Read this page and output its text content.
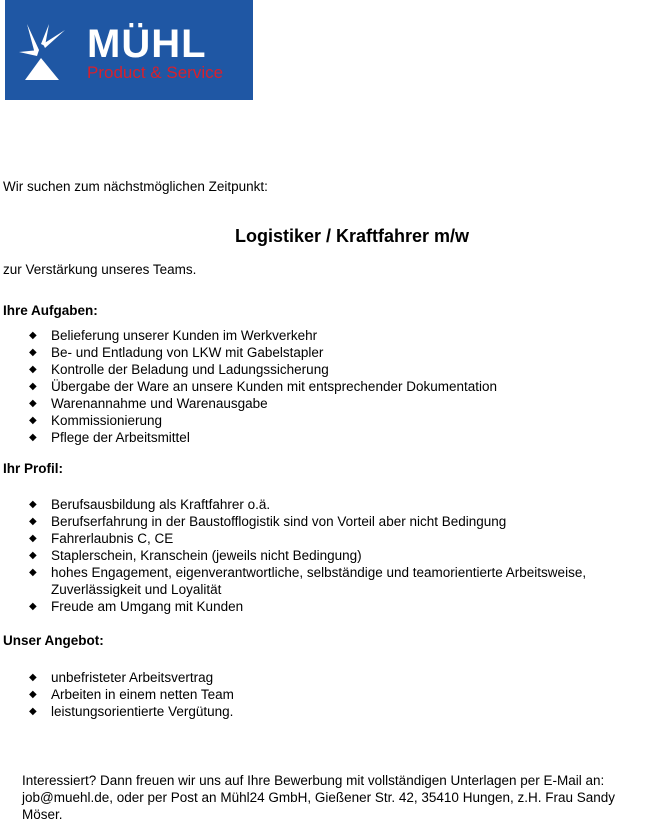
MÜHL
Product & Service
Wir suchen zum nächstmöglichen Zeitpunkt:
Logistiker / Kraftfahrer m/w
zur Verstärkung unseres Teams.
Ihre Aufgaben:
◆ Belieferung unserer Kunden im Werkverkehr
◆ Be- und Entladung von LKW mit Gabelstapler
◆ Kontrolle der Beladung und Ladungssicherung
◆ Übergabe der Ware an unsere Kunden mit entsprechender Dokumentation
◆ Warenannahme und Warenausgabe
◆ Kommissionierung
◆ Pflege der Arbeitsmittel
Ihr Profil:
◆ Berufsausbildung als Kraftfahrer o.ä.
◆ Berufserfahrung in der Baustofflogistik sind von Vorteil aber nicht Bedingung
◆ Fahrerlaubnis C, CE
◆ Staplerschein, Kranschein (jeweils nicht Bedingung)
◆ hohes Engagement, eigenverantwortliche, selbständige und teamorientierte Arbeitsweise, Zuverlässigkeit und Loyalität
◆ Freude am Umgang mit Kunden
Unser Angebot:
◆ unbefristeter Arbeitsvertrag
◆ Arbeiten in einem netten Team
◆ leistungsorientierte Vergütung.
Interessiert? Dann freuen wir uns auf Ihre Bewerbung mit vollständigen Unterlagen per E-Mail an: job@muehl.de, oder per Post an Mühl24 GmbH, Gießener Str. 42, 35410 Hungen, z.H. Frau Sandy Möser.
